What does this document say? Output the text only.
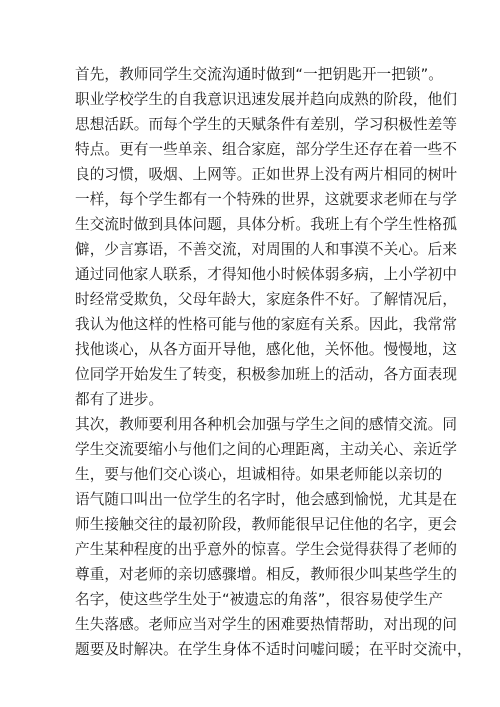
首先，教师同学生交流沟通时做到“一把钥匙开一把锁”。
职业学校学生的自我意识迅速发展并趋向成熟的阶段，他们
思想活跃。而每个学生的天赋条件有差别，学习积极性差等
特点。更有一些单亲、组合家庭，部分学生还存在着一些不
良的习惯，吸烟、上网等。正如世界上没有两片相同的树叶
一样，每个学生都有一个特殊的世界，这就要求老师在与学
生交流时做到具体问题，具体分析。我班上有个学生性格孤
僻，少言寡语，不善交流，对周围的人和事漠不关心。后来
通过同他家人联系，才得知他小时候体弱多病，上小学初中
时经常受欺负，父母年龄大，家庭条件不好。了解情况后，
我认为他这样的性格可能与他的家庭有关系。因此，我常常
找他谈心，从各方面开导他，感化他，关怀他。慢慢地，这
位同学开始发生了转变，积极参加班上的活动，各方面表现
都有了进步。
其次，教师要利用各种机会加强与学生之间的感情交流。同
学生交流要缩小与他们之间的心理距离，主动关心、亲近学
生，要与他们交心谈心，坦诚相待。如果老师能以亲切的
语气随口叫出一位学生的名字时，他会感到愉悦，尤其是在
师生接触交往的最初阶段，教师能很早记住他的名字，更会
产生某种程度的出乎意外的惊喜。学生会觉得获得了老师的
尊重，对老师的亲切感骤增。相反，教师很少叫某些学生的
名字，使这些学生处于“被遗忘的角落”，很容易使学生产
生失落感。老师应当对学生的困难要热情帮助，对出现的问
题要及时解决。在学生身体不适时问嘘问暖；在平时交流中，
